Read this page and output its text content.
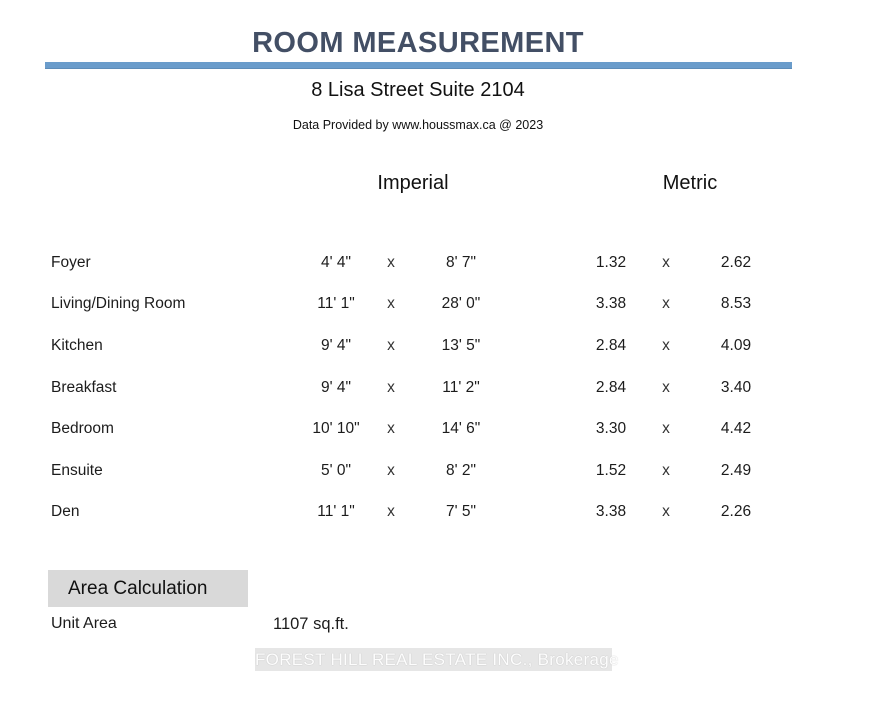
ROOM MEASUREMENT
8 Lisa Street Suite 2104
Data Provided by www.houssmax.ca @ 2023
Imperial	Metric
Foyer	4' 4"	x	8' 7"	1.32	x	2.62
Living/Dining Room	11' 1"	x	28' 0"	3.38	x	8.53
Kitchen	9' 4"	x	13' 5"	2.84	x	4.09
Breakfast	9' 4"	x	11' 2"	2.84	x	3.40
Bedroom	10' 10"	x	14' 6"	3.30	x	4.42
Ensuite	5' 0"	x	8' 2"	1.52	x	2.49
Den	11' 1"	x	7' 5"	3.38	x	2.26
Area Calculation
Unit Area	1107 sq.ft.
FOREST HILL REAL ESTATE INC., Brokerage
